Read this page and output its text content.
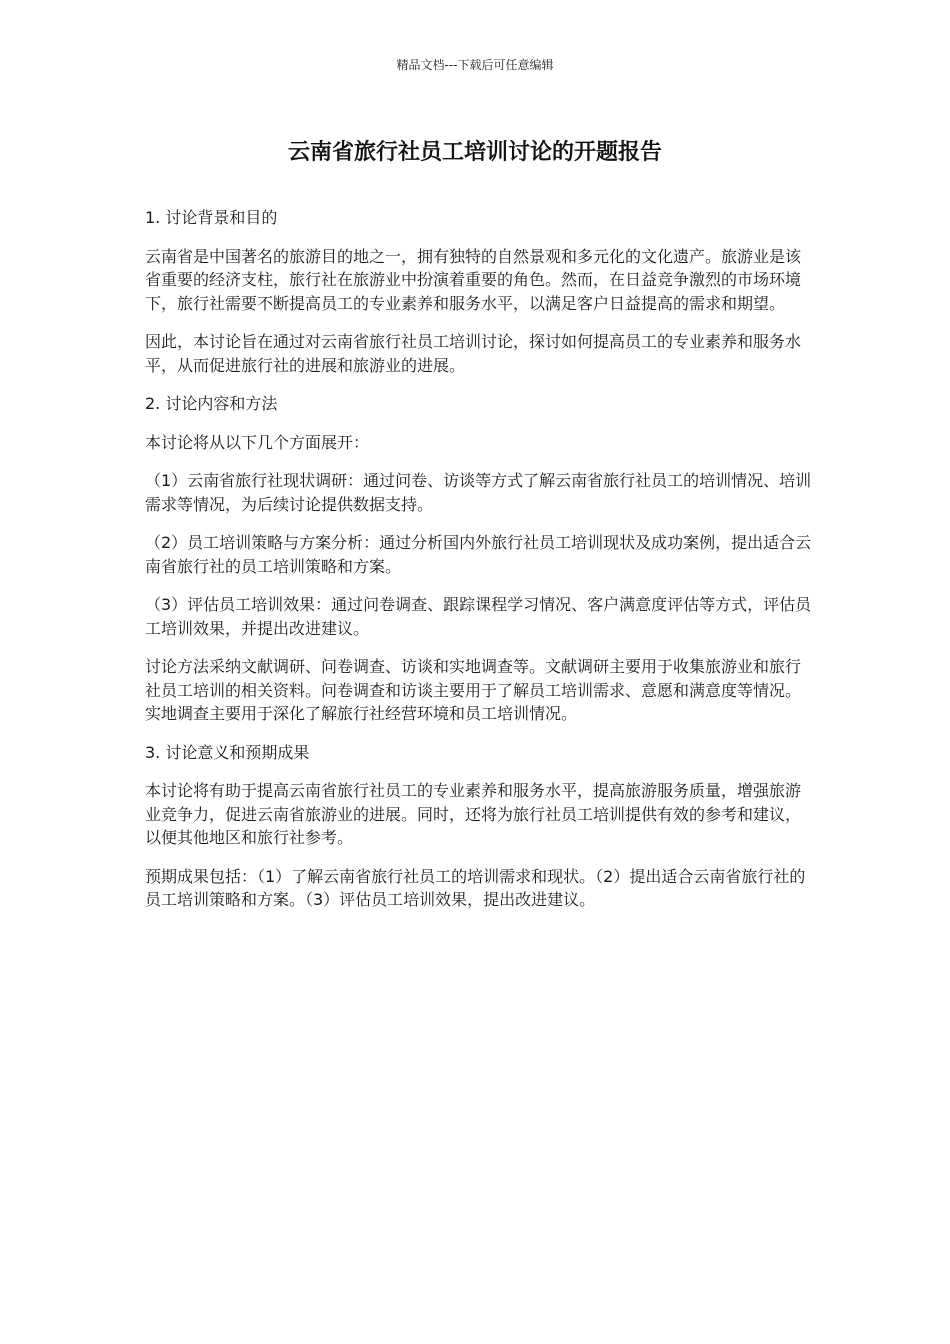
精品文档---下载后可任意编辑
云南省旅行社员工培训讨论的开题报告

1. 讨论背景和目的

云南省是中国著名的旅游目的地之一，拥有独特的自然景观和多元化的文化遗产。旅游业是该省重要的经济支柱，旅行社在旅游业中扮演着重要的角色。然而，在日益竞争激烈的市场环境下，旅行社需要不断提高员工的专业素养和服务水平，以满足客户日益提高的需求和期望。

因此，本讨论旨在通过对云南省旅行社员工培训讨论，探讨如何提高员工的专业素养和服务水平，从而促进旅行社的进展和旅游业的进展。

2. 讨论内容和方法

本讨论将从以下几个方面展开：

（1）云南省旅行社现状调研：通过问卷、访谈等方式了解云南省旅行社员工的培训情况、培训需求等情况，为后续讨论提供数据支持。

（2）员工培训策略与方案分析：通过分析国内外旅行社员工培训现状及成功案例，提出适合云南省旅行社的员工培训策略和方案。

（3）评估员工培训效果：通过问卷调查、跟踪课程学习情况、客户满意度评估等方式，评估员工培训效果，并提出改进建议。

讨论方法采纳文献调研、问卷调查、访谈和实地调查等。文献调研主要用于收集旅游业和旅行社员工培训的相关资料。问卷调查和访谈主要用于了解员工培训需求、意愿和满意度等情况。实地调查主要用于深化了解旅行社经营环境和员工培训情况。

3. 讨论意义和预期成果

本讨论将有助于提高云南省旅行社员工的专业素养和服务水平，提高旅游服务质量，增强旅游业竞争力，促进云南省旅游业的进展。同时，还将为旅行社员工培训提供有效的参考和建议，以便其他地区和旅行社参考。

预期成果包括：（1）了解云南省旅行社员工的培训需求和现状。（2）提出适合云南省旅行社的员工培训策略和方案。（3）评估员工培训效果，提出改进建议。
